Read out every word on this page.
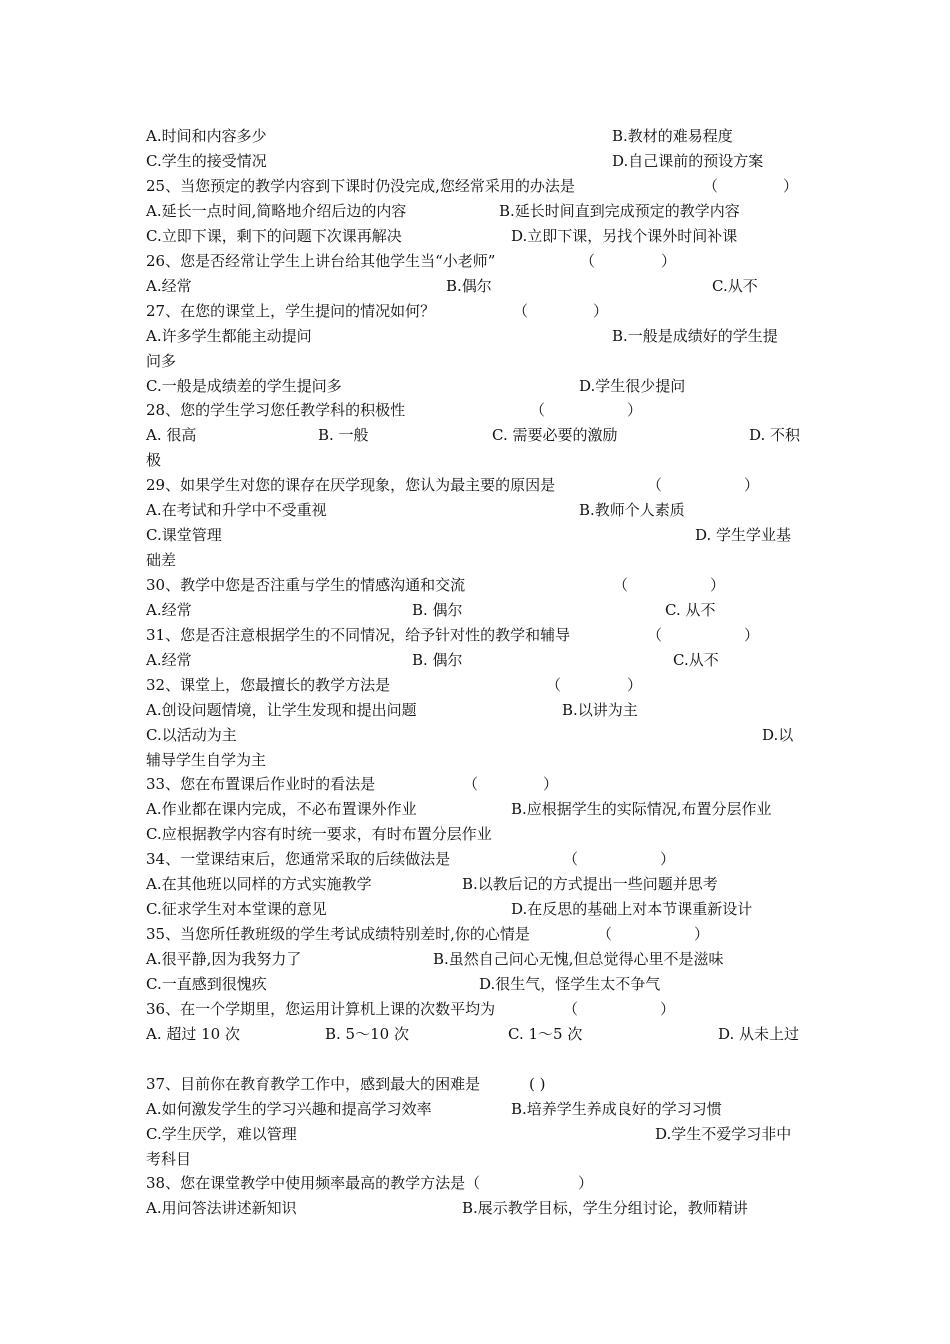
A.时间和内容多少	B.教材的难易程度
C.学生的接受情况	D.自己课前的预设方案
25、当您预定的教学内容到下课时仍没完成,您经常采用的办法是	（	）
A.延长一点时间,简略地介绍后边的内容	B.延长时间直到完成预定的教学内容
C.立即下课，剩下的问题下次课再解决	D.立即下课，另找个课外时间补课
26、您是否经常让学生上讲台给其他学生当“小老师”	（	）
A.经常	B.偶尔	C.从不
27、在您的课堂上，学生提问的情况如何？	（	）
A.许多学生都能主动提问	B.一般是成绩好的学生提
问多
C.一般是成绩差的学生提问多	D.学生很少提问
28、您的学生学习您任教学科的积极性	（	）
A. 很高	B. 一般	C. 需要必要的激励	D. 不积
极
29、如果学生对您的课存在厌学现象，您认为最主要的原因是	（	）
A.在考试和升学中不受重视	B.教师个人素质
C.课堂管理	D. 学生学业基
础差
30、教学中您是否注重与学生的情感沟通和交流	（	）
A.经常	B. 偶尔	C. 从不
31、您是否注意根据学生的不同情况，给予针对性的教学和辅导	（	）
A.经常	B. 偶尔	C.从不
32、课堂上，您最擅长的教学方法是	（	）
A.创设问题情境，让学生发现和提出问题	B.以讲为主
C.以活动为主	D.以
辅导学生自学为主
33、您在布置课后作业时的看法是	（	）
A.作业都在课内完成，不必布置课外作业	B.应根据学生的实际情况,布置分层作业
C.应根据教学内容有时统一要求，有时布置分层作业
34、一堂课结束后，您通常采取的后续做法是	（	）
A.在其他班以同样的方式实施教学	B.以教后记的方式提出一些问题并思考
C.征求学生对本堂课的意见	D.在反思的基础上对本节课重新设计
35、当您所任教班级的学生考试成绩特别差时,你的心情是	（	）
A.很平静,因为我努力了	B.虽然自己问心无愧,但总觉得心里不是滋味
C.一直感到很愧疚	D.很生气，怪学生太不争气
36、在一个学期里，您运用计算机上课的次数平均为	（	）
A. 超过 10 次	B. 5～10 次	C. 1～5 次	D. 从未上过
37、目前你在教育教学工作中，感到最大的困难是	( )
A.如何激发学生的学习兴趣和提高学习效率	B.培养学生养成良好的学习习惯
C.学生厌学，难以管理	D.学生不爱学习非中
考科目
38、您在课堂教学中使用频率最高的教学方法是（	）
A.用问答法讲述新知识	B.展示教学目标，学生分组讨论，教师精讲
